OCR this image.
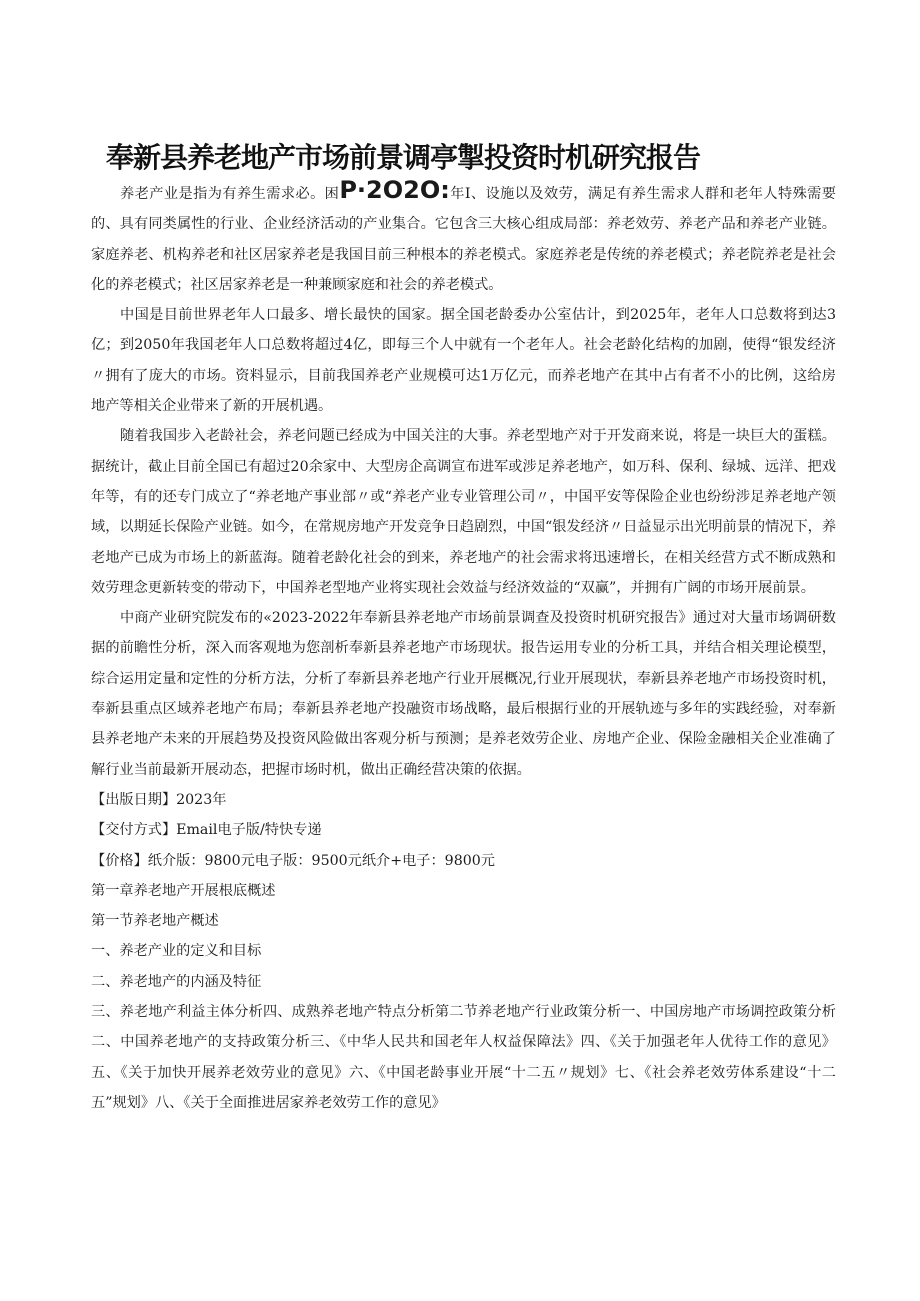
奉新县养老地产市场前景调亭掣投资时机研究报告

养老产业是指为有养生需求必。困P·2O2O:年I、设施以及效劳，满足有养生需求人群和老年人特殊需要的、具有同类属性的行业、企业经济活动的产业集合。它包含三大核心组成局部：养老效劳、养老产品和养老产业链。家庭养老、机构养老和社区居家养老是我国目前三种根本的养老模式。家庭养老是传统的养老模式；养老院养老是社会化的养老模式；社区居家养老是一种兼顾家庭和社会的养老模式。

中国是目前世界老年人口最多、增长最快的国家。据全国老龄委办公室估计，到2025年，老年人口总数将到达3亿；到2050年我国老年人口总数将超过4亿，即每三个人中就有一个老年人。社会老龄化结构的加剧，使得“银发经济〃拥有了庞大的市场。资料显示，目前我国养老产业规模可达1万亿元，而养老地产在其中占有者不小的比例，这给房地产等相关企业带来了新的开展机遇。

随着我国步入老龄社会，养老问题已经成为中国关注的大事。养老型地产对于开发商来说，将是一块巨大的蛋糕。据统计，截止目前全国已有超过20余家中、大型房企高调宣布进军或涉足养老地产，如万科、保利、绿城、远洋、把戏年等，有的还专门成立了“养老地产事业部〃或“养老产业专业管理公司〃，中国平安等保险企业也纷纷涉足养老地产领域，以期延长保险产业链。如今，在常规房地产开发竞争日趋剧烈，中国“银发经济〃日益显示出光明前景的情况下，养老地产已成为市场上的新蓝海。随着老龄化社会的到来，养老地产的社会需求将迅速增长，在相关经营方式不断成熟和效劳理念更新转变的带动下，中国养老型地产业将实现社会效益与经济效益的“双赢”，并拥有广阔的市场开展前景。

中商产业研究院发布的«2023-2022年奉新县养老地产市场前景调查及投资时机研究报告》通过对大量市场调研数据的前瞻性分析，深入而客观地为您剖析奉新县养老地产市场现状。报告运用专业的分析工具，并结合相关理论模型，综合运用定量和定性的分析方法，分析了奉新县养老地产行业开展概况,行业开展现状，奉新县养老地产市场投资时机，奉新县重点区域养老地产布局；奉新县养老地产投融资市场战略，最后根据行业的开展轨迹与多年的实践经验，对奉新县养老地产未来的开展趋势及投资风险做出客观分析与预测；是养老效劳企业、房地产企业、保险金融相关企业准确了解行业当前最新开展动态，把握市场时机，做出正确经营决策的依据。

【出版日期】2023年

【交付方式】Email电子版/特快专递

【价格】纸介版：9800元电子版：9500元纸介+电子：9800元

第一章养老地产开展根底概述

第一节养老地产概述

一、养老产业的定义和目标

二、养老地产的内涵及特征

三、养老地产利益主体分析四、成熟养老地产特点分析第二节养老地产行业政策分析一、中国房地产市场调控政策分析二、中国养老地产的支持政策分析三、《中华人民共和国老年人权益保障法》四、《关于加强老年人优待工作的意见》五、《关于加快开展养老效劳业的意见》六、《中国老龄事业开展“十二五〃规划》七、《社会养老效劳体系建设“十二五”规划》八、《关于全面推进居家养老效劳工作的意见》
